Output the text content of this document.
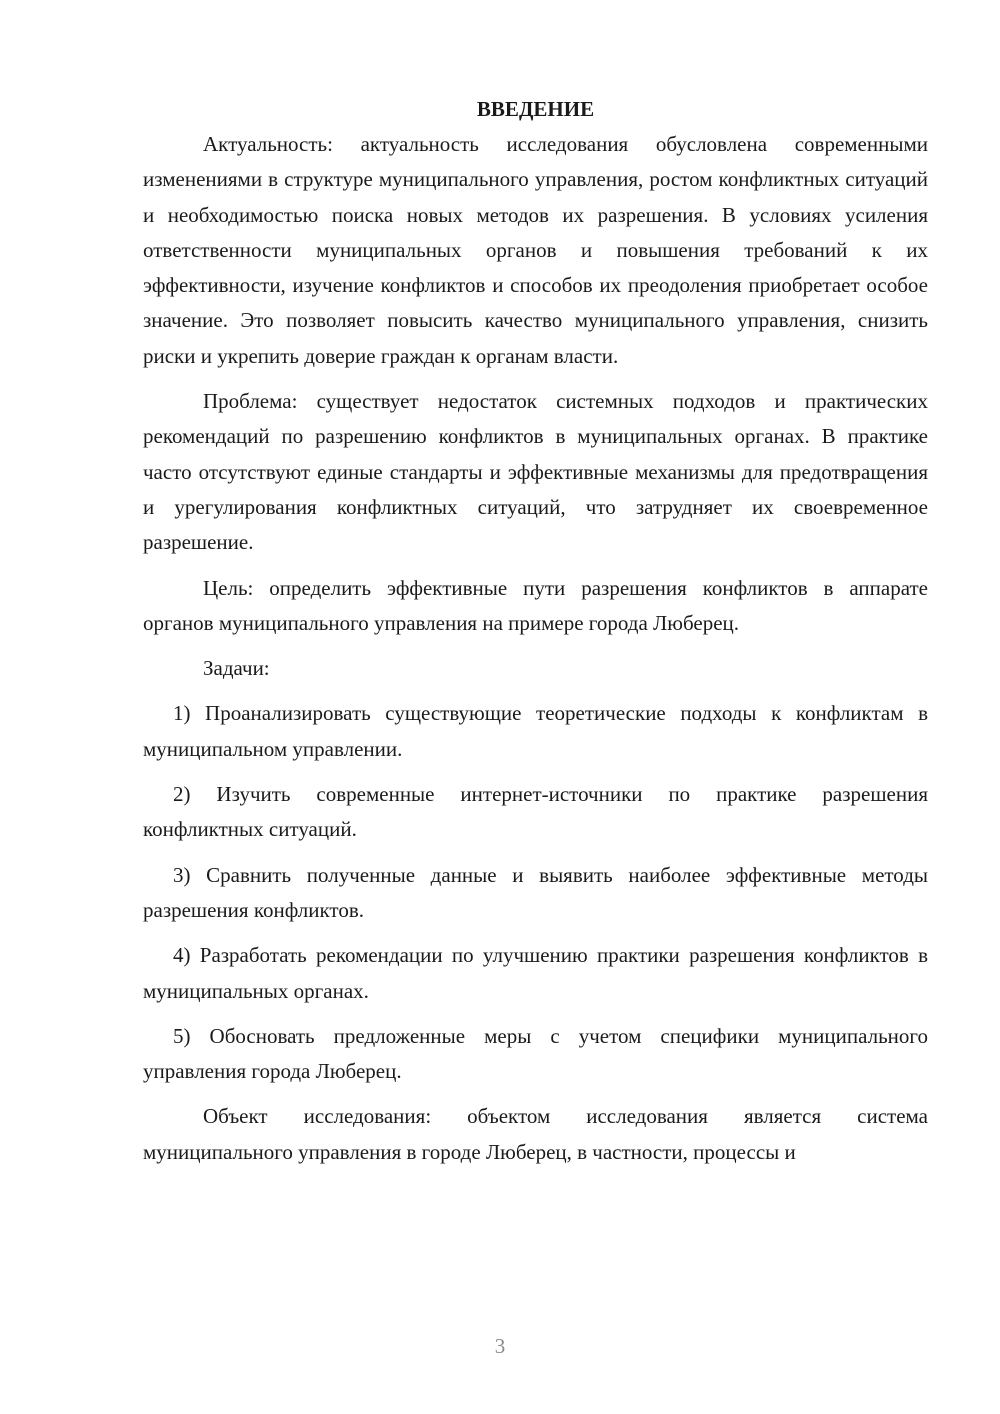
ВВЕДЕНИЕ

Актуальность: актуальность исследования обусловлена современными изменениями в структуре муниципального управления, ростом конфликтных ситуаций и необходимостью поиска новых методов их разрешения. В условиях усиления ответственности муниципальных органов и повышения требований к их эффективности, изучение конфликтов и способов их преодоления приобретает особое значение. Это позволяет повысить качество муниципального управления, снизить риски и укрепить доверие граждан к органам власти.

Проблема: существует недостаток системных подходов и практических рекомендаций по разрешению конфликтов в муниципальных органах. В практике часто отсутствуют единые стандарты и эффективные механизмы для предотвращения и урегулирования конфликтных ситуаций, что затрудняет их своевременное разрешение.

Цель: определить эффективные пути разрешения конфликтов в аппарате органов муниципального управления на примере города Люберец.

Задачи:

1) Проанализировать существующие теоретические подходы к конфликтам в муниципальном управлении.

2) Изучить современные интернет-источники по практике разрешения конфликтных ситуаций.

3) Сравнить полученные данные и выявить наиболее эффективные методы разрешения конфликтов.

4) Разработать рекомендации по улучшению практики разрешения конфликтов в муниципальных органах.

5) Обосновать предложенные меры с учетом специфики муниципального управления города Люберец.

Объект исследования: объектом исследования является система муниципального управления в городе Люберец, в частности, процессы и

3
